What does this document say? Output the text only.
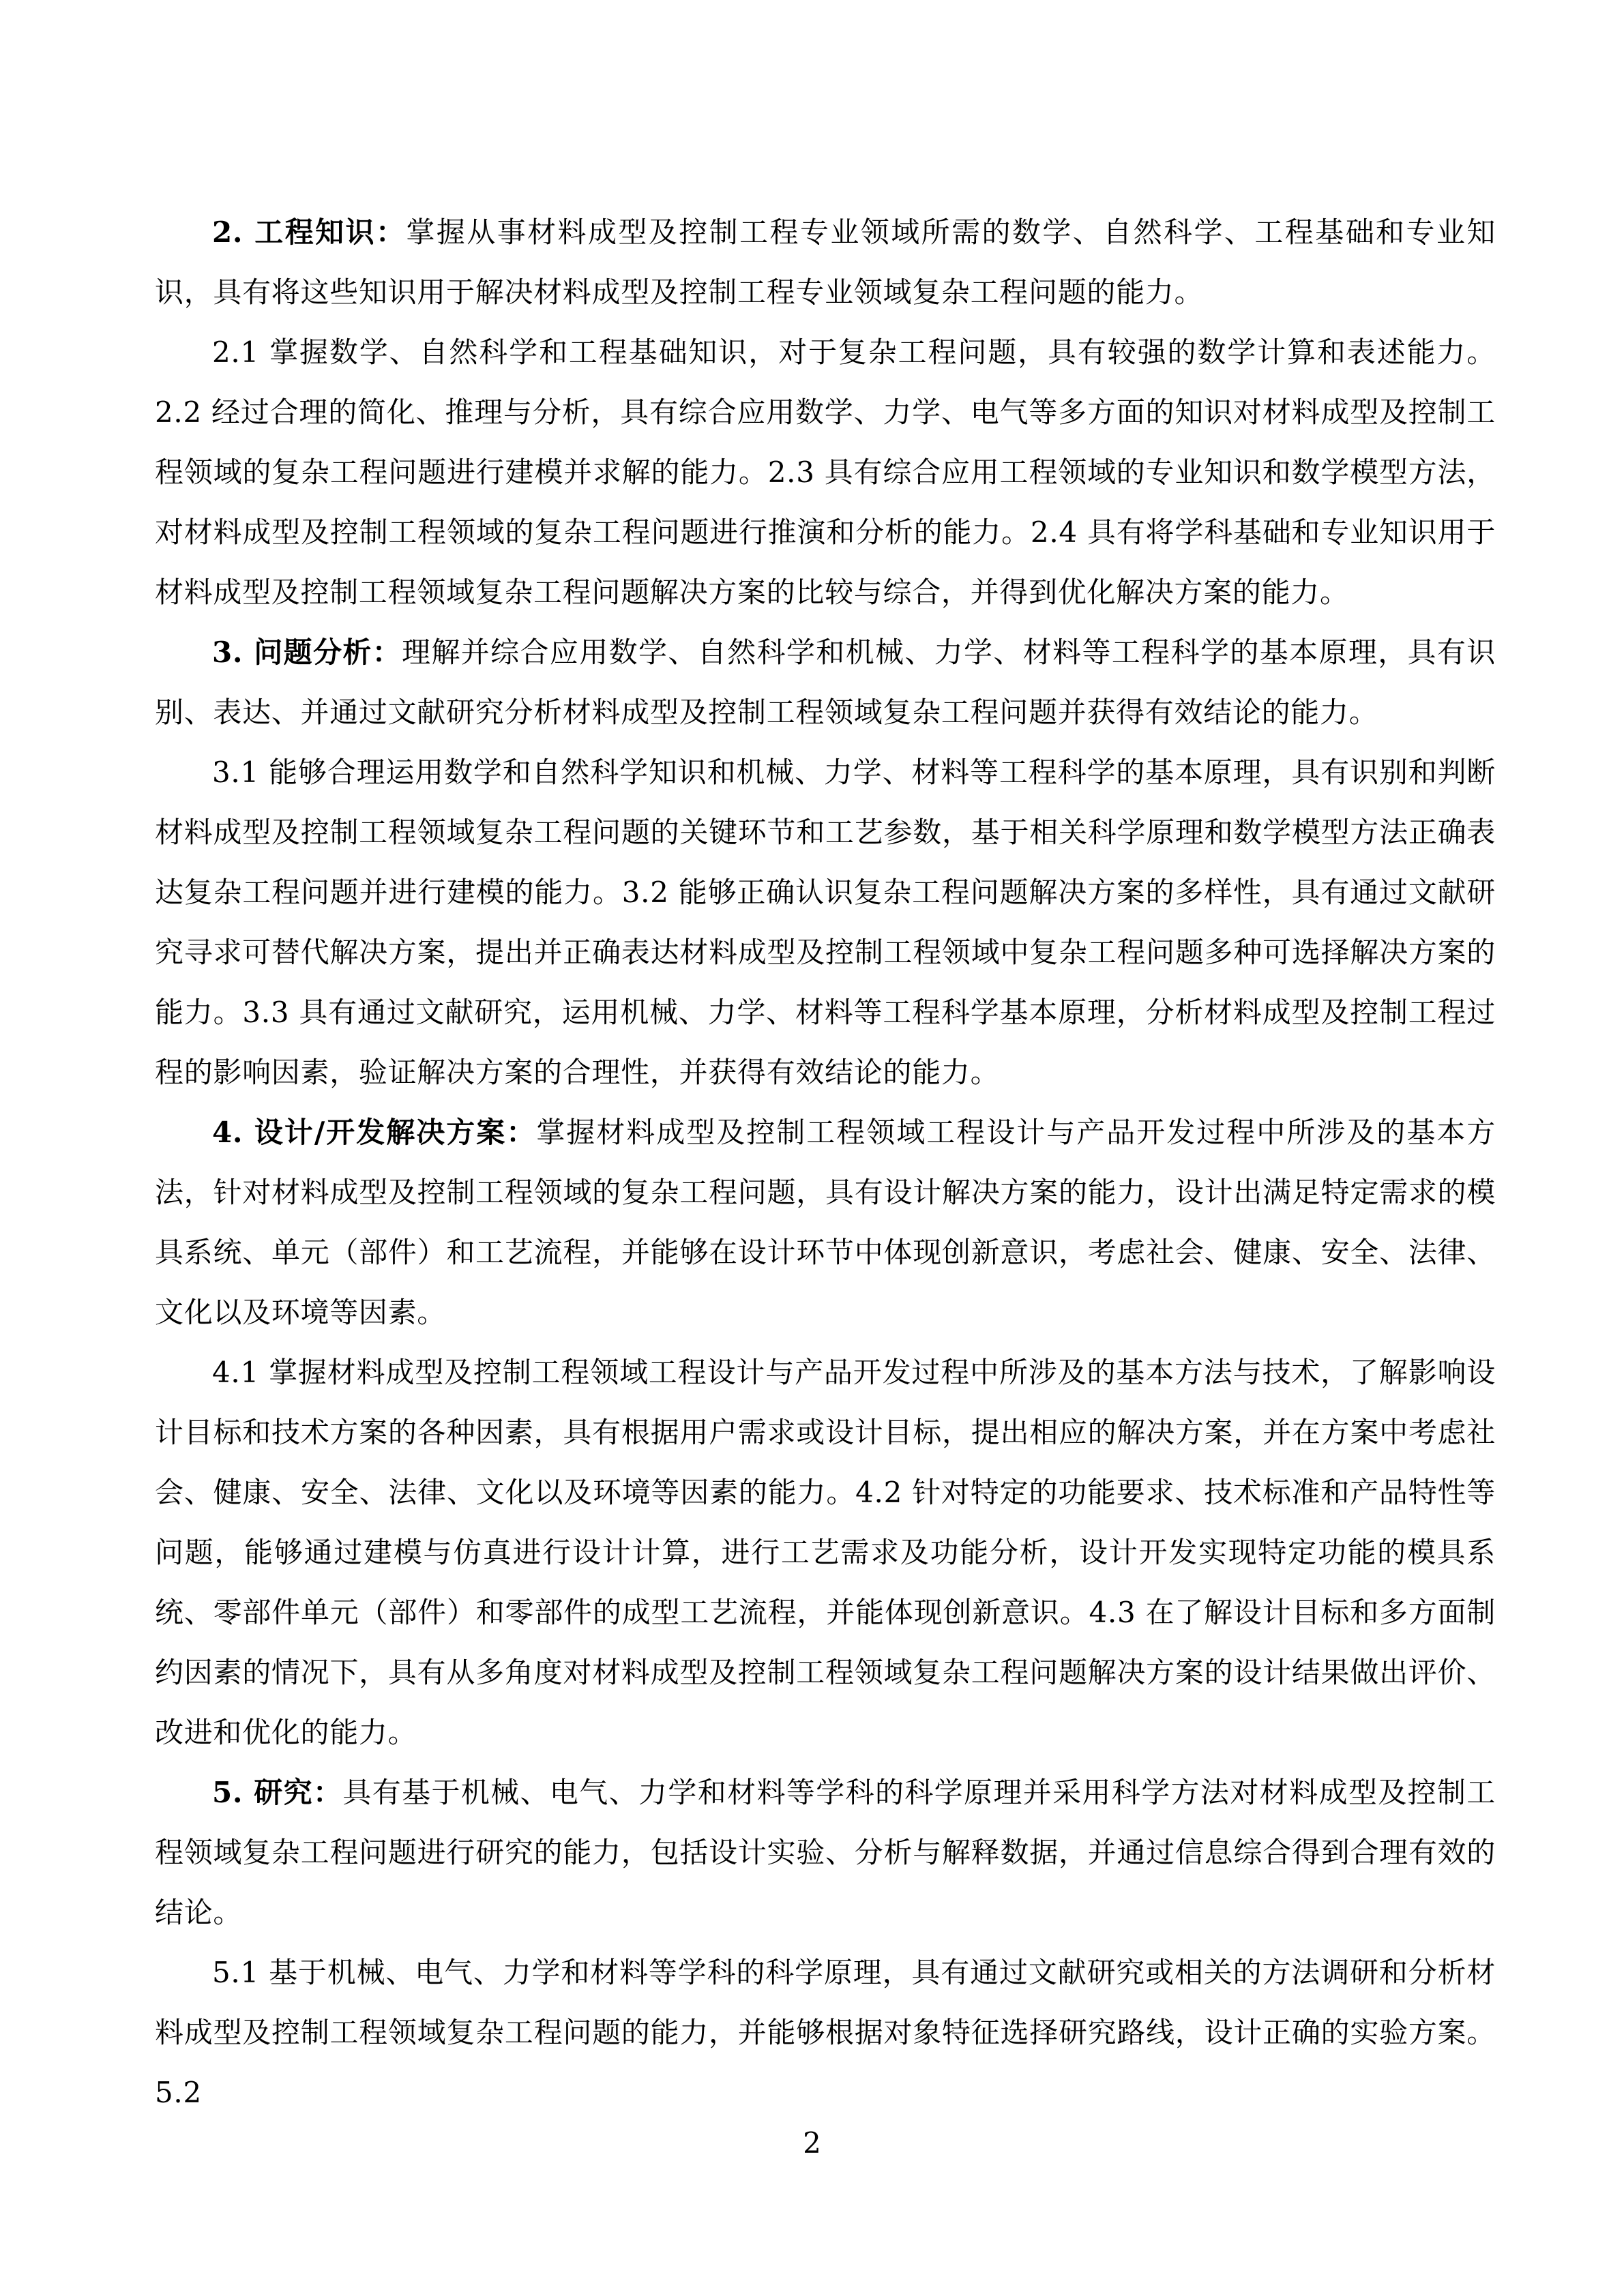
2. 工程知识：掌握从事材料成型及控制工程专业领域所需的数学、自然科学、工程基础和专业知识，具有将这些知识用于解决材料成型及控制工程专业领域复杂工程问题的能力。

2.1 掌握数学、自然科学和工程基础知识，对于复杂工程问题，具有较强的数学计算和表述能力。2.2 经过合理的简化、推理与分析，具有综合应用数学、力学、电气等多方面的知识对材料成型及控制工程领域的复杂工程问题进行建模并求解的能力。2.3 具有综合应用工程领域的专业知识和数学模型方法，对材料成型及控制工程领域的复杂工程问题进行推演和分析的能力。2.4 具有将学科基础和专业知识用于材料成型及控制工程领域复杂工程问题解决方案的比较与综合，并得到优化解决方案的能力。

3. 问题分析：理解并综合应用数学、自然科学和机械、力学、材料等工程科学的基本原理，具有识别、表达、并通过文献研究分析材料成型及控制工程领域复杂工程问题并获得有效结论的能力。

3.1 能够合理运用数学和自然科学知识和机械、力学、材料等工程科学的基本原理，具有识别和判断材料成型及控制工程领域复杂工程问题的关键环节和工艺参数，基于相关科学原理和数学模型方法正确表达复杂工程问题并进行建模的能力。3.2 能够正确认识复杂工程问题解决方案的多样性，具有通过文献研究寻求可替代解决方案，提出并正确表达材料成型及控制工程领域中复杂工程问题多种可选择解决方案的能力。3.3 具有通过文献研究，运用机械、力学、材料等工程科学基本原理，分析材料成型及控制工程过程的影响因素，验证解决方案的合理性，并获得有效结论的能力。

4. 设计/开发解决方案：掌握材料成型及控制工程领域工程设计与产品开发过程中所涉及的基本方法，针对材料成型及控制工程领域的复杂工程问题，具有设计解决方案的能力，设计出满足特定需求的模具系统、单元（部件）和工艺流程，并能够在设计环节中体现创新意识，考虑社会、健康、安全、法律、文化以及环境等因素。

4.1 掌握材料成型及控制工程领域工程设计与产品开发过程中所涉及的基本方法与技术，了解影响设计目标和技术方案的各种因素，具有根据用户需求或设计目标，提出相应的解决方案，并在方案中考虑社会、健康、安全、法律、文化以及环境等因素的能力。4.2 针对特定的功能要求、技术标准和产品特性等问题，能够通过建模与仿真进行设计计算，进行工艺需求及功能分析，设计开发实现特定功能的模具系统、零部件单元（部件）和零部件的成型工艺流程，并能体现创新意识。4.3 在了解设计目标和多方面制约因素的情况下，具有从多角度对材料成型及控制工程领域复杂工程问题解决方案的设计结果做出评价、改进和优化的能力。

5. 研究：具有基于机械、电气、力学和材料等学科的科学原理并采用科学方法对材料成型及控制工程领域复杂工程问题进行研究的能力，包括设计实验、分析与解释数据，并通过信息综合得到合理有效的结论。

5.1 基于机械、电气、力学和材料等学科的科学原理，具有通过文献研究或相关的方法调研和分析材料成型及控制工程领域复杂工程问题的能力，并能够根据对象特征选择研究路线，设计正确的实验方案。5.2

2
